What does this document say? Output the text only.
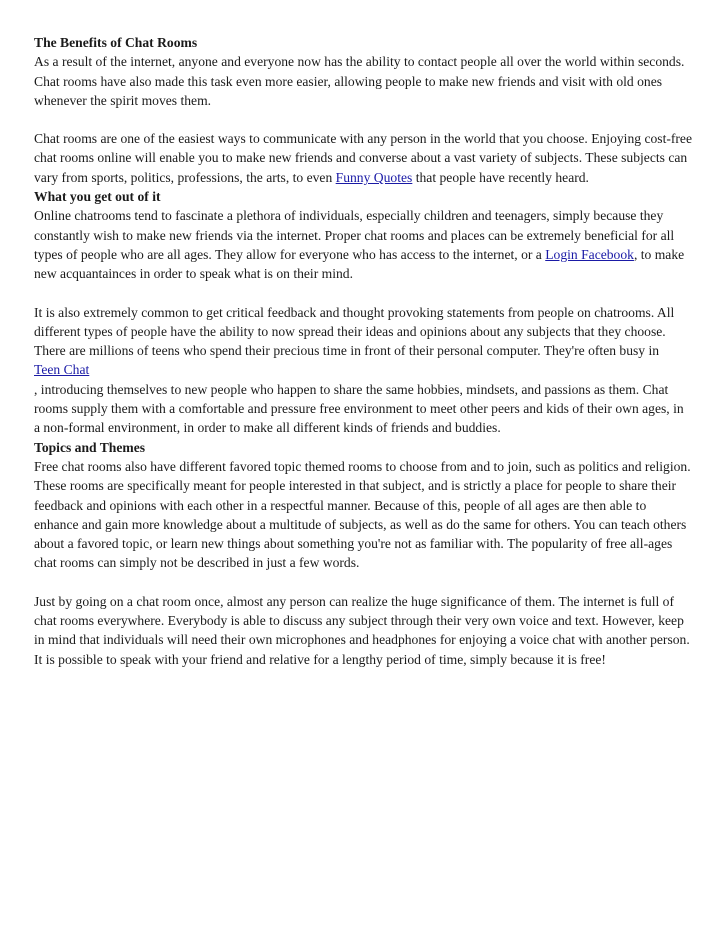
The Benefits of Chat Rooms

As a result of the internet, anyone and everyone now has the ability to contact people all over the world within seconds. Chat rooms have also made this task even more easier, allowing people to make new friends and visit with old ones whenever the spirit moves them.

Chat rooms are one of the easiest ways to communicate with any person in the world that you choose. Enjoying cost-free chat rooms online will enable you to make new friends and converse about a vast variety of subjects. These subjects can vary from sports, politics, professions, the arts, to even Funny Quotes that people have recently heard.

What you get out of it

Online chatrooms tend to fascinate a plethora of individuals, especially children and teenagers, simply because they constantly wish to make new friends via the internet. Proper chat rooms and places can be extremely beneficial for all types of people who are all ages. They allow for everyone who has access to the internet, or a Login Facebook, to make new acquantainces in order to speak what is on their mind.

It is also extremely common to get critical feedback and thought provoking statements from people on chatrooms. All different types of people have the ability to now spread their ideas and opinions about any subjects that they choose. There are millions of teens who spend their precious time in front of their personal computer. They're often busy in
Teen Chat
, introducing themselves to new people who happen to share the same hobbies, mindsets, and passions as them. Chat rooms supply them with a comfortable and pressure free environment to meet other peers and kids of their own ages, in a non-formal environment, in order to make all different kinds of friends and buddies.

Topics and Themes

Free chat rooms also have different favored topic themed rooms to choose from and to join, such as politics and religion. These rooms are specifically meant for people interested in that subject, and is strictly a place for people to share their feedback and opinions with each other in a respectful manner. Because of this, people of all ages are then able to enhance and gain more knowledge about a multitude of subjects, as well as do the same for others. You can teach others about a favored topic, or learn new things about something you're not as familiar with. The popularity of free all-ages chat rooms can simply not be described in just a few words.

Just by going on a chat room once, almost any person can realize the huge significance of them. The internet is full of chat rooms everywhere. Everybody is able to discuss any subject through their very own voice and text. However, keep in mind that individuals will need their own microphones and headphones for enjoying a voice chat with another person. It is possible to speak with your friend and relative for a lengthy period of time, simply because it is free!
